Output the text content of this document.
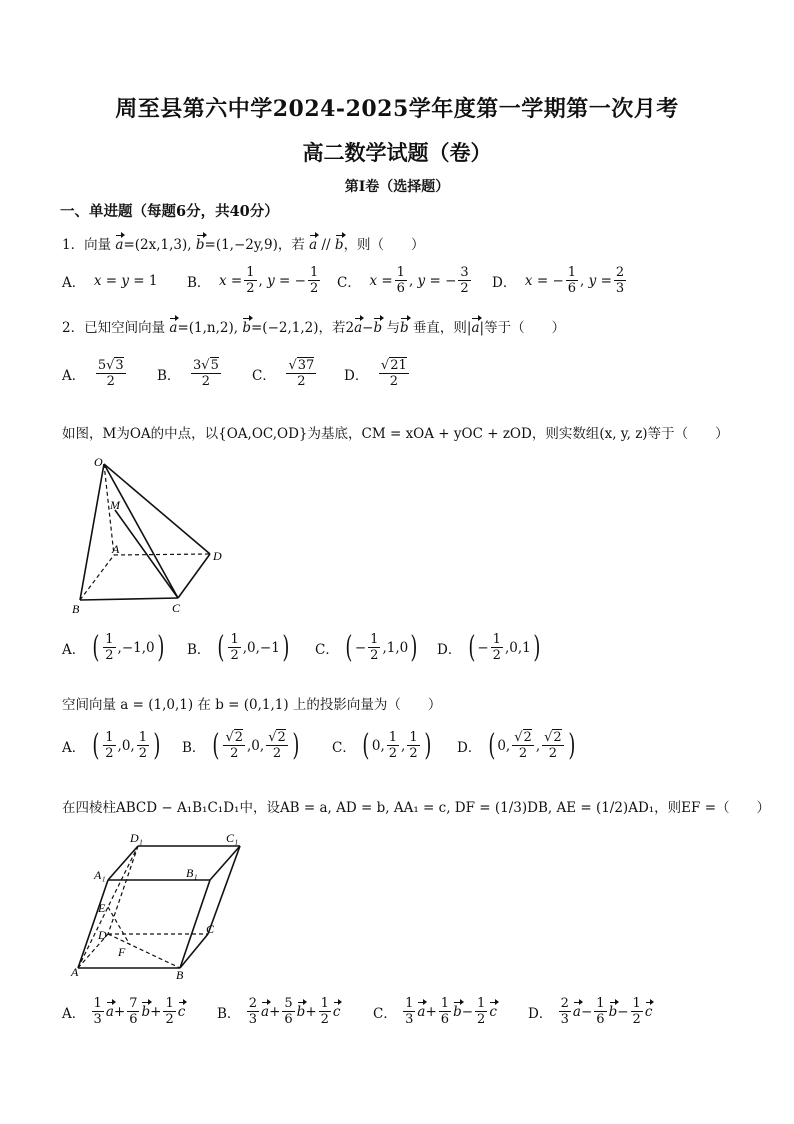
周至县第六中学2024-2025学年度第一学期第一次月考
高二数学试题（卷）
第I卷（选择题）
一、单进题（每题6分，共40分）
1．向量 a=(2x,1,3), b=(1,−2y,9)，若 a // b，则（　　）
A．
x = y = 1	B．
$x = \frac{1}{2}$ , y = − $\frac{1}{2}$ C．
$x = \frac{1}{6}$ , y = − $\frac{3}{2}$ D．
x = − $\frac{1}{6}$ , $y = \frac{2}{3}$
2．已知空间向量 a=(1,n,2), b=(−2,1,2)，若2a−b 与b 垂直，则|a|等于（　　）
A．
$\frac{5√3}{2}$ B．
$\frac{3√5}{2}$ C．
$\frac{√37}{2}$ D．
$\frac{√21}{2}$
如图，M为OA的中点，以{OA,OC,OD}为基底，CM = xOA + yOC + zOD，则实数组(x, y, z)等于（　　）
O
M
A
B	C
D
A．
( $\frac{1}{2} ,-1,0$ ) B．
( $\frac{1}{2} ,0,-1$ ) C．
( − $\frac{1}{2} ,1,0$ ) D．
( − $\frac{1}{2} ,0,1$ )
空间向量 a = (1,0,1) 在 b = (0,1,1) 上的投影向量为（　　）
A．
( $\frac{1}{2} ,0$, $\frac{1}{2}$ ) B．
( $\frac{√2}{2} ,0$, $\frac{√2}{2}$ ) C．
( 0, $\frac{1}{2}$ , $\frac{1}{2}$ ) D．
( 0, $\frac{√2}{2}$ , $\frac{√2}{2}$ )
在四棱柱ABCD − A₁B₁C₁D₁中，设AB = a, AD = b, AA₁ = c, DF = (1/3)DB, AE = (1/2)AD₁，则EF =（　　）
D₁	C₁
A₁	B₁
E
D
F
C
A	B
A．
$\frac{1}{3}$ $a + \frac{7}{6}$ $b + \frac{1}{2}$ c B．
$\frac{2}{3}$ $a + \frac{5}{6}$ $b + \frac{1}{2}$ c C．
$\frac{1}{3}$ $a + \frac{1}{6}$ $b - \frac{1}{2}$ c D．
$\frac{2}{3}$ $a - \frac{1}{6}$ $b - \frac{1}{2}$ c
